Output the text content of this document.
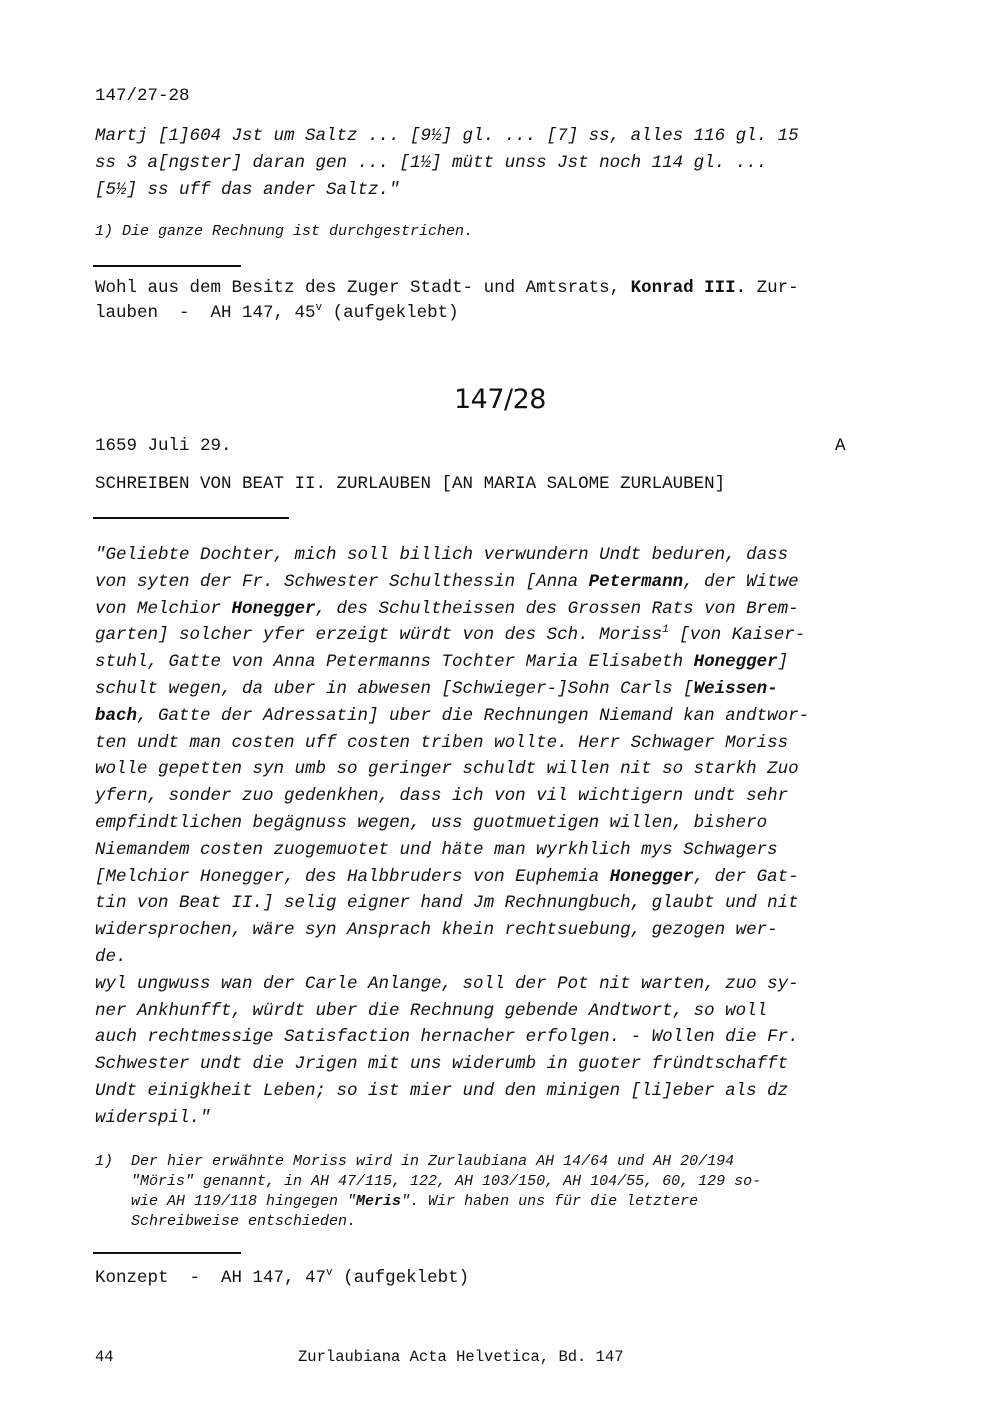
147/27-28
Martj [1]604 Jst um Saltz ... [9½] gl. ... [7] ss, alles 116 gl. 15
ss 3 a[ngster] daran gen ... [1½] mütt unss Jst noch 114 gl. ...
[5½] ss uff das ander Saltz."
1) Die ganze Rechnung ist durchgestrichen.
Wohl aus dem Besitz des Zuger Stadt- und Amtsrats, Konrad III. Zur-
lauben  -  AH 147, 45$^v$ (aufgeklebt)
147/28
1659 Juli 29.	A
SCHREIBEN VON BEAT II. ZURLAUBEN [AN MARIA SALOME ZURLAUBEN]
"Geliebte Dochter, mich soll billich verwundern Undt beduren, dass
von syten der Fr. Schwester Schulthessin [Anna Petermann, der Witwe
von Melchior Honegger, des Schultheissen des Grossen Rats von Brem-
garten] solcher yfer erzeigt würdt von des Sch. Moriss$^1$ [von Kaiser-
stuhl, Gatte von Anna Petermanns Tochter Maria Elisabeth Honegger]
schult wegen, da uber in abwesen [Schwieger-]Sohn Carls [Weissen-
bach, Gatte der Adressatin] uber die Rechnungen Niemand kan andtwor-
ten undt man costen uff costen triben wollte. Herr Schwager Moriss
wolle gepetten syn umb so geringer schuldt willen nit so starkh Zuo
yfern, sonder zuo gedenkhen, dass ich von vil wichtigern undt sehr
empfindtlichen begägnuss wegen, uss guotmuetigen willen, bishero
Niemandem costen zuogemuotet und häte man wyrkhlich mys Schwagers
[Melchior Honegger, des Halbbruders von Euphemia Honegger, der Gat-
tin von Beat II.] selig eigner hand Jm Rechnungbuch, glaubt und nit
widersprochen, wäre syn Ansprach khein rechtsuebung, gezogen wer-
de.
wyl ungwuss wan der Carle Anlange, soll der Pot nit warten, zuo sy-
ner Ankhunfft, würdt uber die Rechnung gebende Andtwort, so woll
auch rechtmessige Satisfaction hernacher erfolgen. - Wollen die Fr.
Schwester undt die Jrigen mit uns widerumb in guoter fründtschafft
Undt einigkheit Leben; so ist mier und den minigen [li]eber als dz
widerspil."
1)	Der hier erwähnte Moriss wird in Zurlaubiana AH 14/64 und AH 20/194
"Möris" genannt, in AH 47/115, 122, AH 103/150, AH 104/55, 60, 129 so-
wie AH 119/118 hingegen "Meris". Wir haben uns für die letztere
Schreibweise entschieden.
Konzept  -  AH 147, 47$^v$ (aufgeklebt)
44	Zurlaubiana Acta Helvetica, Bd. 147
